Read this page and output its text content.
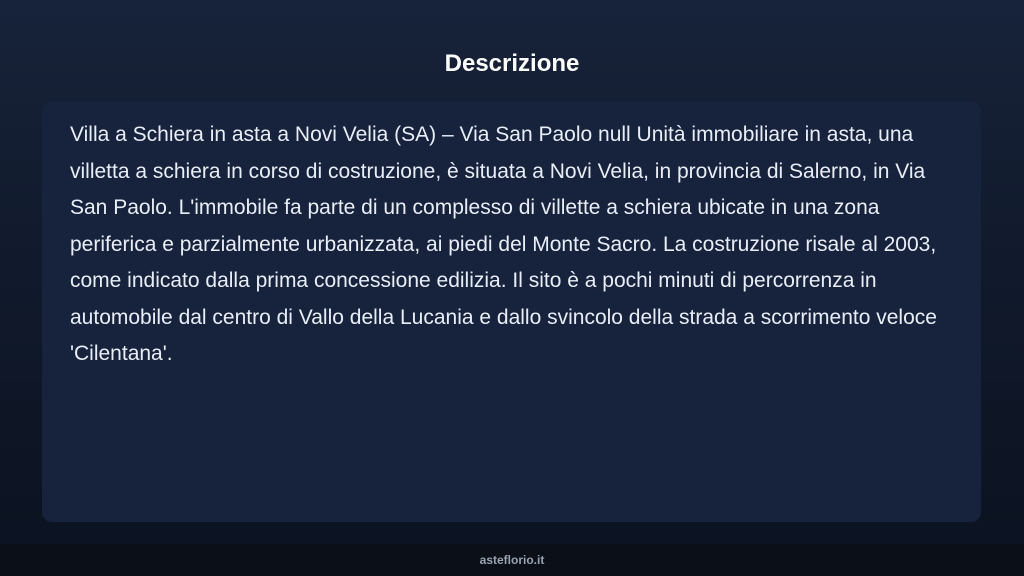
Descrizione

Villa a Schiera in asta a Novi Velia (SA) – Via San Paolo null Unità immobiliare in asta, una villetta a schiera in corso di costruzione, è situata a Novi Velia, in provincia di Salerno, in Via San Paolo. L'immobile fa parte di un complesso di villette a schiera ubicate in una zona periferica e parzialmente urbanizzata, ai piedi del Monte Sacro. La costruzione risale al 2003, come indicato dalla prima concessione edilizia. Il sito è a pochi minuti di percorrenza in automobile dal centro di Vallo della Lucania e dallo svincolo della strada a scorrimento veloce 'Cilentana'.

asteflorio.it
